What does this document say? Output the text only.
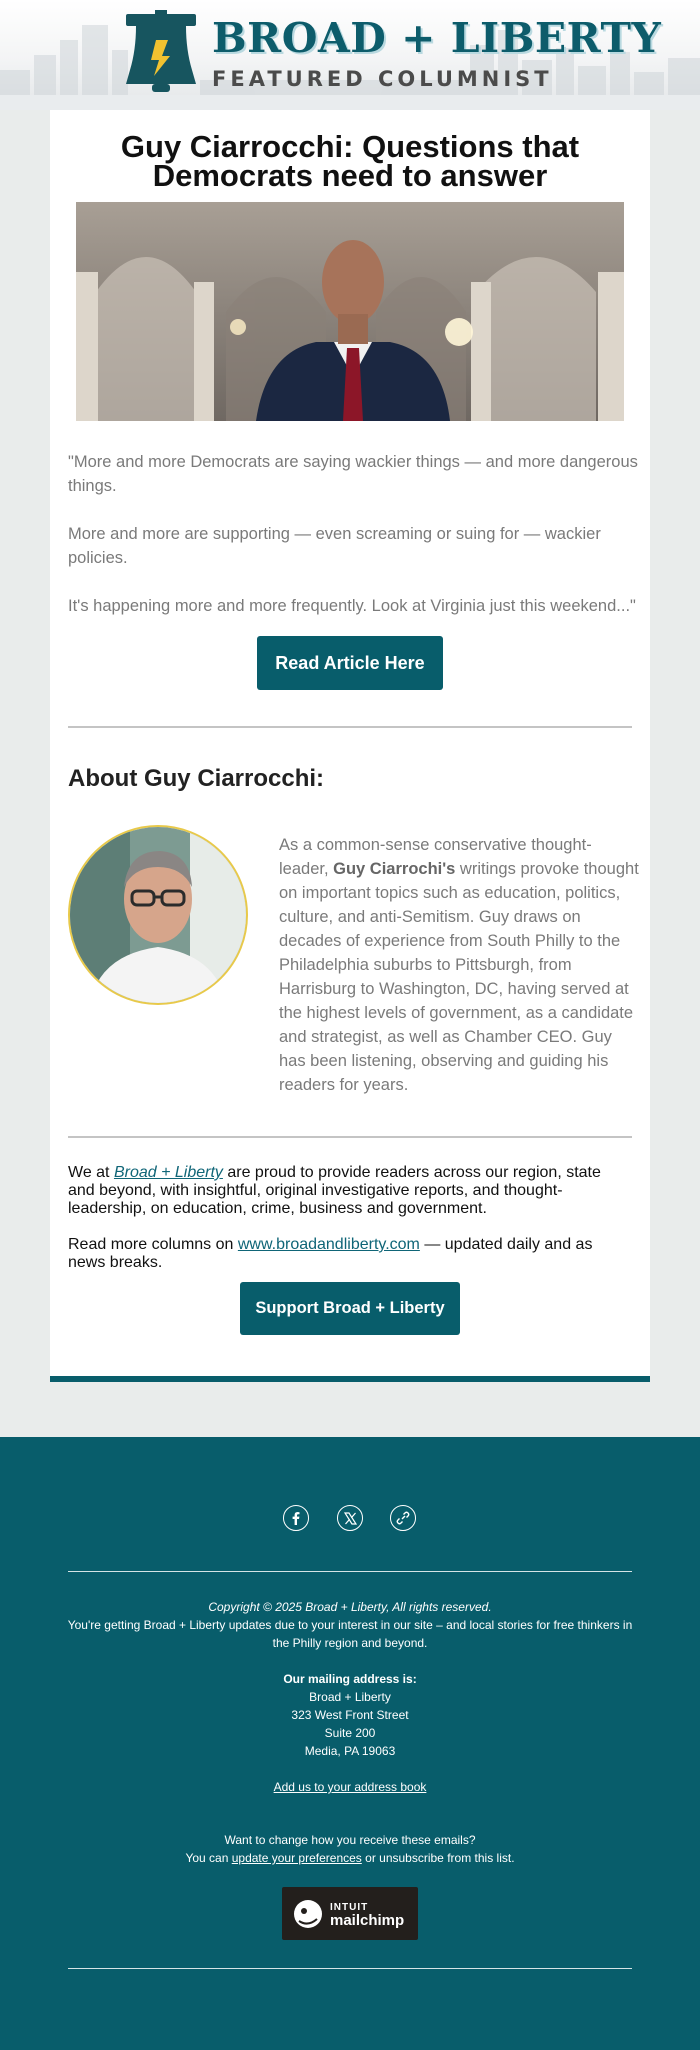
BROAD + LIBERTY
FEATURED COLUMNIST
Guy Ciarrocchi: Questions that Democrats need to answer
"More and more Democrats are saying wackier things — and more dangerous things.
More and more are supporting — even screaming or suing for — wackier policies.
It's happening more and more frequently. Look at Virginia just this weekend..."
Read Article Here
About Guy Ciarrocchi:
As a common-sense conservative thought-leader, Guy Ciarrochi's writings provoke thought on important topics such as education, politics, culture, and anti-Semitism. Guy draws on decades of experience from South Philly to the Philadelphia suburbs to Pittsburgh, from Harrisburg to Washington, DC, having served at the highest levels of government, as a candidate and strategist, as well as Chamber CEO. Guy has been listening, observing and guiding his readers for years.
We at Broad + Liberty are proud to provide readers across our region, state and beyond, with insightful, original investigative reports, and thought-leadership, on education, crime, business and government.
Read more columns on www.broadandliberty.com — updated daily and as news breaks.
Support Broad + Liberty
Copyright © 2025 Broad + Liberty, All rights reserved.
You're getting Broad + Liberty updates due to your interest in our site – and local stories for free thinkers in the Philly region and beyond.
Our mailing address is:
Broad + Liberty
323 West Front Street
Suite 200
Media, PA 19063
Add us to your address book
Want to change how you receive these emails?
You can update your preferences or unsubscribe from this list.
INTUIT
mailchimp
